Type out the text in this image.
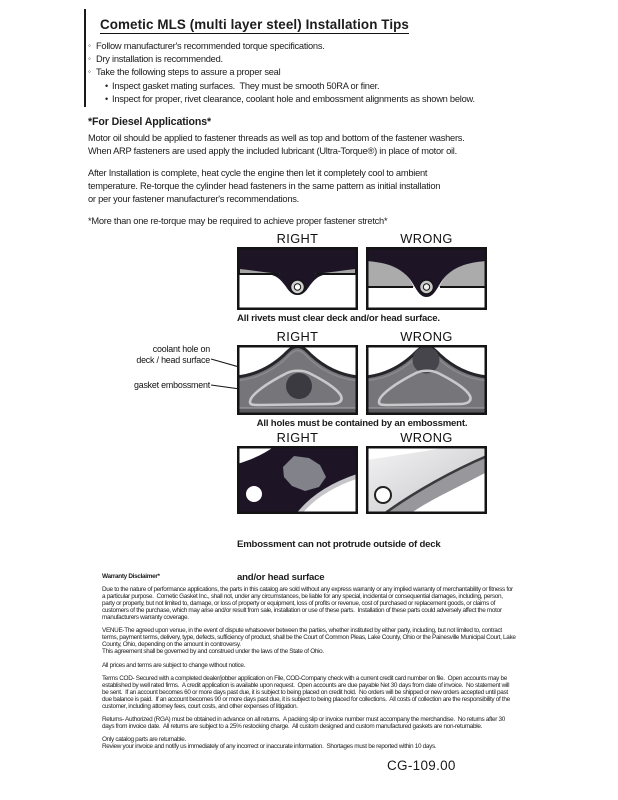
Cometic MLS (multi layer steel) Installation Tips
◦ Follow manufacturer's recommended torque specifications.
◦ Dry installation is recommended.
◦ Take the following steps to assure a proper seal
• Inspect gasket mating surfaces.  They must be smooth 50RA or finer.
• Inspect for proper, rivet clearance, coolant hole and embossment alignments as shown below.
*For Diesel Applications*
Motor oil should be applied to fastener threads as well as top and bottom of the fastener washers.
When ARP fasteners are used apply the included lubricant (Ultra-Torque®) in place of motor oil.
After Installation is complete, heat cycle the engine then let it completely cool to ambient
temperature. Re-torque the cylinder head fasteners in the same pattern as initial installation
or per your fastener manufacturer's recommendations.
*More than one re-torque may be required to achieve proper fastener stretch*
RIGHT	WRONG
All rivets must clear deck and/or head surface.
coolant hole on
deck / head surface
gasket embossment
RIGHT	WRONG
All holes must be contained by an embossment.
RIGHT	WRONG

Embossment can not protrude outside of deck

and/or head surface

Warranty Disclaimer*

Due to the nature of performance applications, the parts in this catalog are sold without any express warranty or any implied warranty of merchantability or fitness for a particular purpose.  Cometic Gasket Inc., shall not, under any circumstances, be liable for any special, incidental or consequential damages, including, person, party or property, but not limited to, damage, or loss of property or equipment, loss of profits or revenue, cost of purchased or replacement goods, or claims of customers of the purchase, which may arise and/or result from sale, installation or use of these parts.  Installation of these parts could adversely affect the motor manufacturers warranty coverage.

VENUE-The agreed upon venue, in the event of dispute whatsoever between the parties, whether instituted by either party, including, but not limited to, contract terms, payment terms, delivery, type, defects, sufficiency of product, shall be the Court of Common Pleas, Lake County, Ohio or the Painesville Municipal Court, Lake County, Ohio, depending on the amount in controversy.

This agreement shall be governed by and construed under the laws of the State of Ohio.

All prices and terms are subject to change without notice.

Terms COD- Secured with a completed dealer/jobber application on File, COD-Company check with a current credit card number on file.  Open accounts may be established by well rated firms.  A credit application is available upon request.  Open accounts are due payable Net 30 days from date of invoice.  No statement will be sent.  If an account becomes 60 or more days past due, it is subject to being placed on credit hold.  No orders will be shipped or new orders accepted until past due balance is paid.  If an account becomes 90 or more days past due, it is subject to being placed for collections.  All costs of collection are the responsibility of the customer, including attorney fees, court costs, and other expenses of litigation.

Returns- Authorized (RGA) must be obtained in advance on all returns.  A packing slip or invoice number must accompany the merchandise.  No returns after 30 days from invoice date.  All returns are subject to a 25% restocking charge.  All custom designed and custom manufactured gaskets are non-returnable.

Only catalog parts are returnable.

Review your invoice and notify us immediately of any incorrect or inaccurate information.  Shortages must be reported within 10 days.

CG-109.00
